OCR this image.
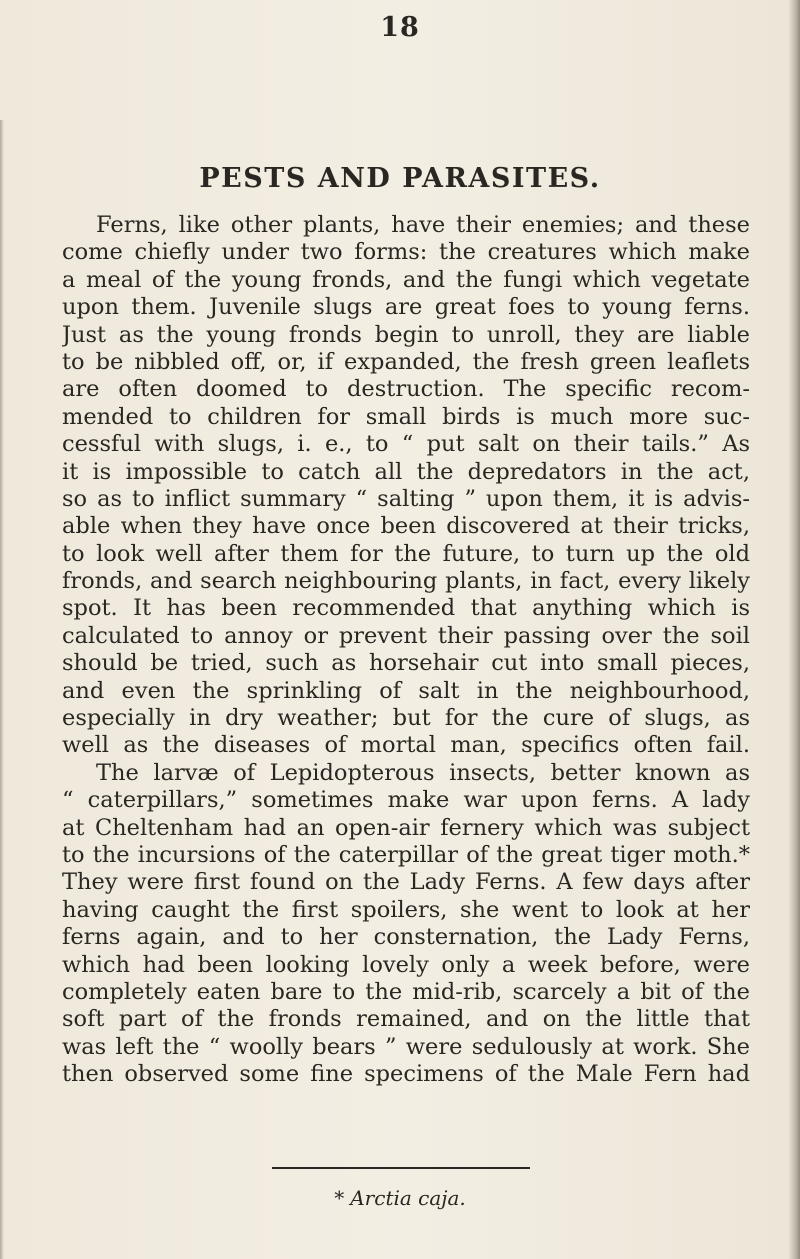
18
PESTS AND PARASITES.
Ferns, like other plants, have their enemies; and these
come chiefly under two forms: the creatures which make
a meal of the young fronds, and the fungi which vegetate
upon them. Juvenile slugs are great foes to young ferns.
Just as the young fronds begin to unroll, they are liable
to be nibbled off, or, if expanded, the fresh green leaflets
are often doomed to destruction. The specific recom-
mended to children for small birds is much more suc-
cessful with slugs, i. e., to “ put salt on their tails.” As
it is impossible to catch all the depredators in the act,
so as to inflict summary “ salting ” upon them, it is advis-
able when they have once been discovered at their tricks,
to look well after them for the future, to turn up the old
fronds, and search neighbouring plants, in fact, every likely
spot. It has been recommended that anything which is
calculated to annoy or prevent their passing over the soil
should be tried, such as horsehair cut into small pieces,
and even the sprinkling of salt in the neighbourhood,
especially in dry weather; but for the cure of slugs, as
well as the diseases of mortal man, specifics often fail.
The larvæ of Lepidopterous insects, better known as
“ caterpillars,” sometimes make war upon ferns. A lady
at Cheltenham had an open-air fernery which was subject
to the incursions of the caterpillar of the great tiger moth.*
They were first found on the Lady Ferns. A few days after
having caught the first spoilers, she went to look at her
ferns again, and to her consternation, the Lady Ferns,
which had been looking lovely only a week before, were
completely eaten bare to the mid-rib, scarcely a bit of the
soft part of the fronds remained, and on the little that
was left the “ woolly bears ” were sedulously at work. She
then observed some fine specimens of the Male Fern had
* Arctia caja.
